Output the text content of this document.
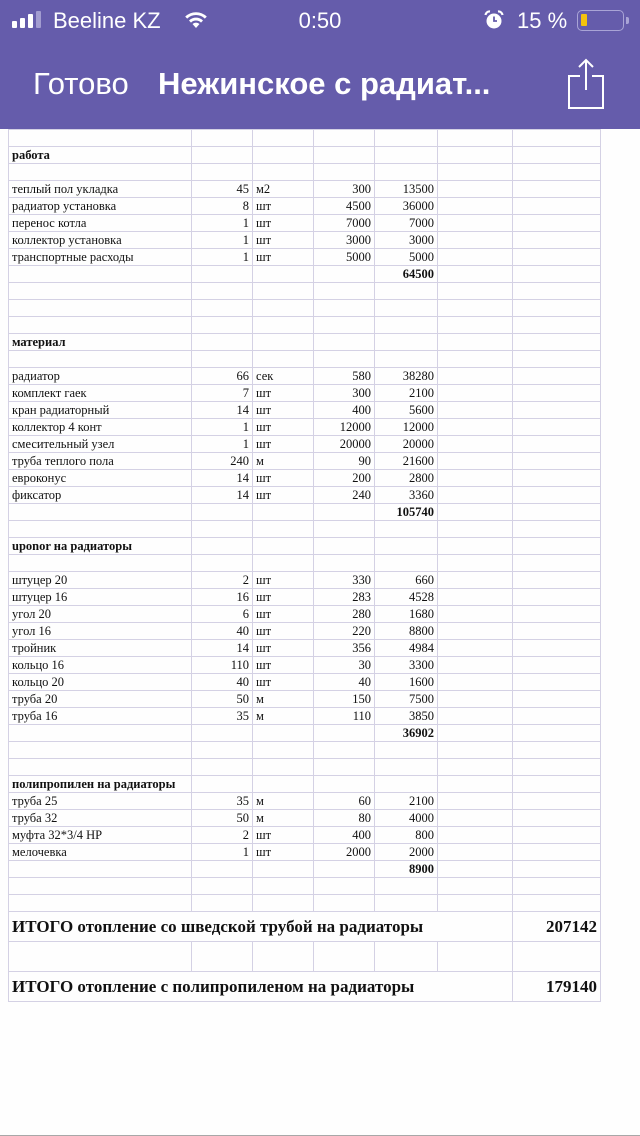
Beeline KZ	0:50	15 %
Готово Нежинское с радиат...

работа						

теплый пол укладка	45	м2	300	13500		
радиатор установка	8	шт	4500	36000		
перенос котла	1	шт	7000	7000		
коллектор установка	1	шт	3000	3000		
транспортные расходы	1	шт	5000	5000		
				64500		

материал						

радиатор	66	сек	580	38280		
комплект гаек	7	шт	300	2100		
кран радиаторный	14	шт	400	5600		
коллектор 4 конт	1	шт	12000	12000		
смесительный узел	1	шт	20000	20000		
труба теплого пола	240	м	90	21600		
евроконус	14	шт	200	2800		
фиксатор	14	шт	240	3360		
				105740		

uponor на радиаторы						

штуцер 20	2	шт	330	660		
штуцер 16	16	шт	283	4528		
угол 20	6	шт	280	1680		
угол 16	40	шт	220	8800		
тройник	14	шт	356	4984		
кольцо 16	110	шт	30	3300		
кольцо 20	40	шт	40	1600		
труба 20	50	м	150	7500		
труба 16	35	м	110	3850		
				36902		

полипропилен на радиаторы						
труба 25	35	м	60	2100		
труба 32	50	м	80	4000		
муфта 32*3/4 НР	2	шт	400	800		
мелочевка	1	шт	2000	2000		
				8900		

ИТОГО отопление со шведской трубой на радиаторы						207142

ИТОГО отопление с полипропиленом на радиаторы						179140
